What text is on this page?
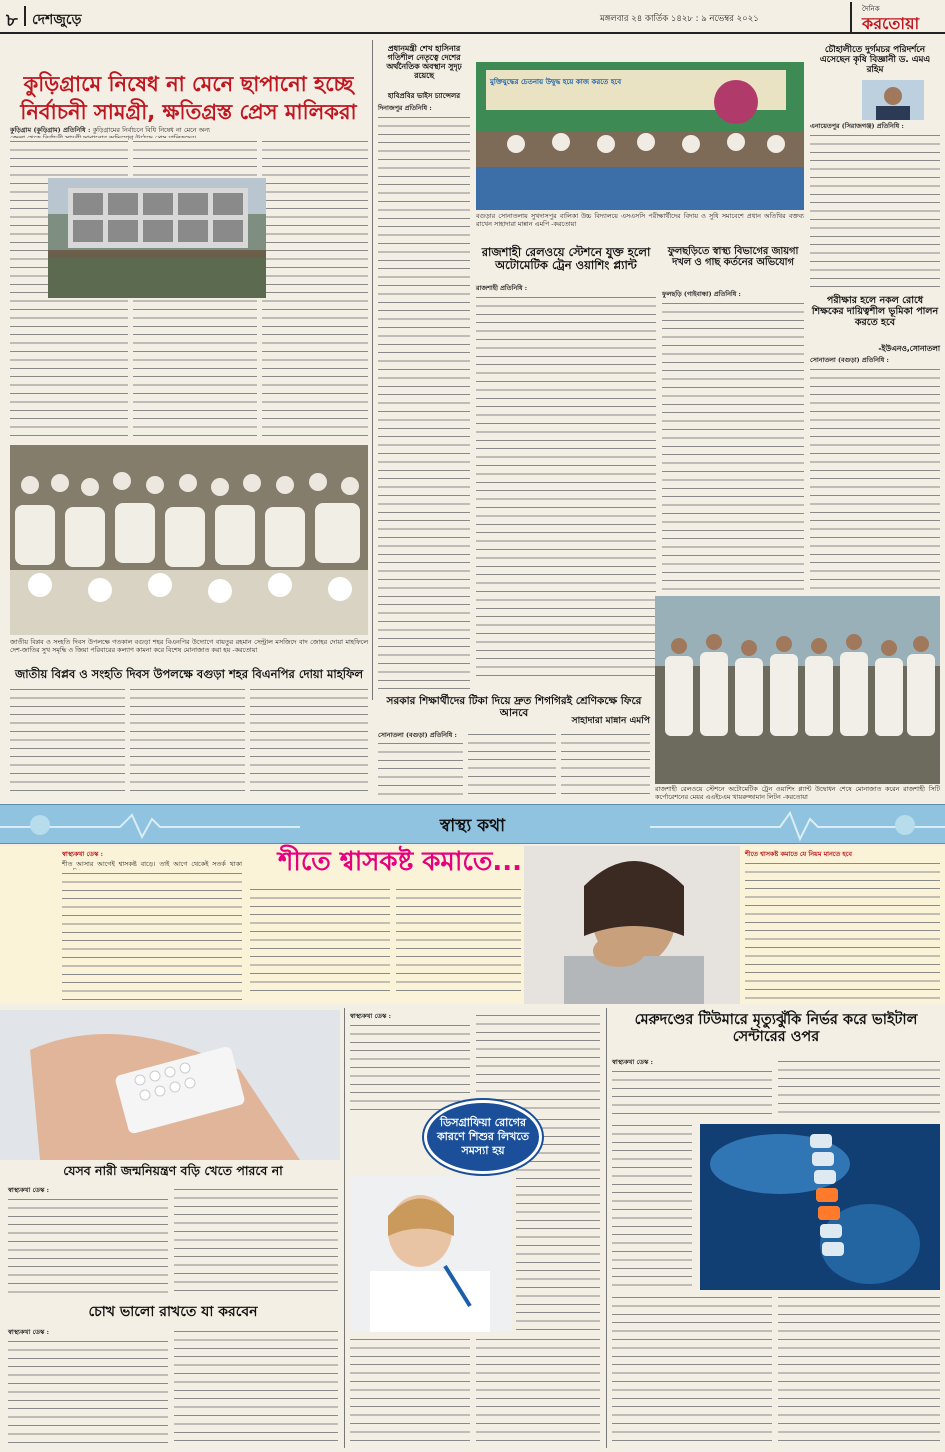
৮ দেশজুড়ে	মঙ্গলবার ২৪ কার্তিক ১৪২৮ : ৯ নভেম্বর ২০২১
দৈনিক
করতোয়া
কুড়িগ্রামে নিষেধ না মেনে ছাপানো হচ্ছে
নির্বাচনী সামগ্রী, ক্ষতিগ্রস্ত প্রেস মালিকরা
কুড়িগ্রাম (কুড়িগ্রাম) প্রতিনিধি : কুড়িগ্রামের নির্বাচনে বিধি নিষেধ না মেনে অন্য
জাতীয় বিপ্লব ও সংহতি দিবস উপলক্ষে গতকাল বগুড়া শহর বিএনপির উদ্যোগে বায়তুর রহমান সেন্ট্রাল মসজিদে বাদ জোহর দোয়া মাহফিলে দেশ-জাতির সুখ সমৃদ্ধি ও জিয়া পরিবারের কল্যাণ কামনা করে বিশেষ মোনাজাত করা হয় -করতোয়া
জাতীয় বিপ্লব ও সংহতি দিবস উপলক্ষে বগুড়া শহর বিএনপির দোয়া মাহফিল
প্রধানমন্ত্রী শেখ হাসিনার গতিশীল নেতৃত্বে দেশের অর্থনৈতিক অবস্থান সুদৃঢ় রয়েছে
হাবিপ্রবির ভাইস চ্যান্সেলর
দিনাজপুর প্রতিনিধি :
মুক্তিযুদ্ধের চেতনায় উদ্বুদ্ধ হয়ে কাজ করতে হবে
বগুড়ার সোনাতলায় সুখদাসপুর বালিকা উচ্চ বিদ্যালয়ে এসএসসি পরীক্ষার্থীদের বিদায় ও সুধি সমাবেশে প্রধান অতিথির বক্তব্য রাখেন সাহাদারা মান্নান এমপি -করতোয়া
চৌহালীতে দুর্গমচর পরিদর্শনে এসেছেন কৃষি বিজ্ঞানী ড. এমএ রহিম
এনায়েতপুর (সিরাজগঞ্জ) প্রতিনিধি :
পরীক্ষার হলে নকল রোধে শিক্ষকের দায়িত্বশীল ভূমিকা পালন করতে হবে
-ইউএনও,সোনাতলা
সোনাতলা (বগুড়া) প্রতিনিধি :
রাজশাহী রেলওয়ে স্টেশনে যুক্ত হলো অটোমেটিক ট্রেন ওয়াশিং প্ল্যান্ট
রাজশাহী প্রতিনিধি :
ফুলছড়িতে স্বাস্থ্য বিভাগের জায়গা দখল ও গাছ কর্তনের অভিযোগ
ফুলছড়ি (গাইবান্ধা) প্রতিনিধি :
সরকার শিক্ষার্থীদের টিকা দিয়ে দ্রুত শিগগিরই শ্রেণিকক্ষে ফিরে আনবে
সাহাদারা মান্নান এমপি
সোনাতলা (বগুড়া) প্রতিনিধি :
রাজশাহী রেলওয়ে স্টেশনে অটোমেটিক ট্রেন ওয়াশিং প্ল্যান্ট উদ্বোধন শেষে মোনাজাত করেন রাজশাহী সিটি কর্পোরেশনের মেয়র এএইচএম খায়রুজ্জামান লিটন -করতোয়া
স্বাস্থ্য কথা
স্বাস্থ্যকথা ডেস্ক :
শীত আসার আগেই শ্বাসকষ্ট বাড়ে। তাই আগে থেকেই সতর্ক থাকা	শীতে শ্বাসকষ্ট কমাতে...	শীতে শ্বাসকষ্ট কমাতে যে নিয়ম মানতে হবে
যেসব নারী জন্মনিয়ন্ত্রণ বড়ি খেতে পারবে না
স্বাস্থ্যকথা ডেস্ক :
চোখ ভালো রাখতে যা করবেন
স্বাস্থ্যকথা ডেস্ক :
স্বাস্থ্যকথা ডেস্ক :
ডিসগ্রাফিয়া রোগের কারণে শিশুর লিখতে সমস্যা হয়
মেরুদণ্ডের টিউমারে মৃত্যুঝুঁকি নির্ভর করে ভাইটাল সেন্টারের ওপর
স্বাস্থ্যকথা ডেস্ক :
